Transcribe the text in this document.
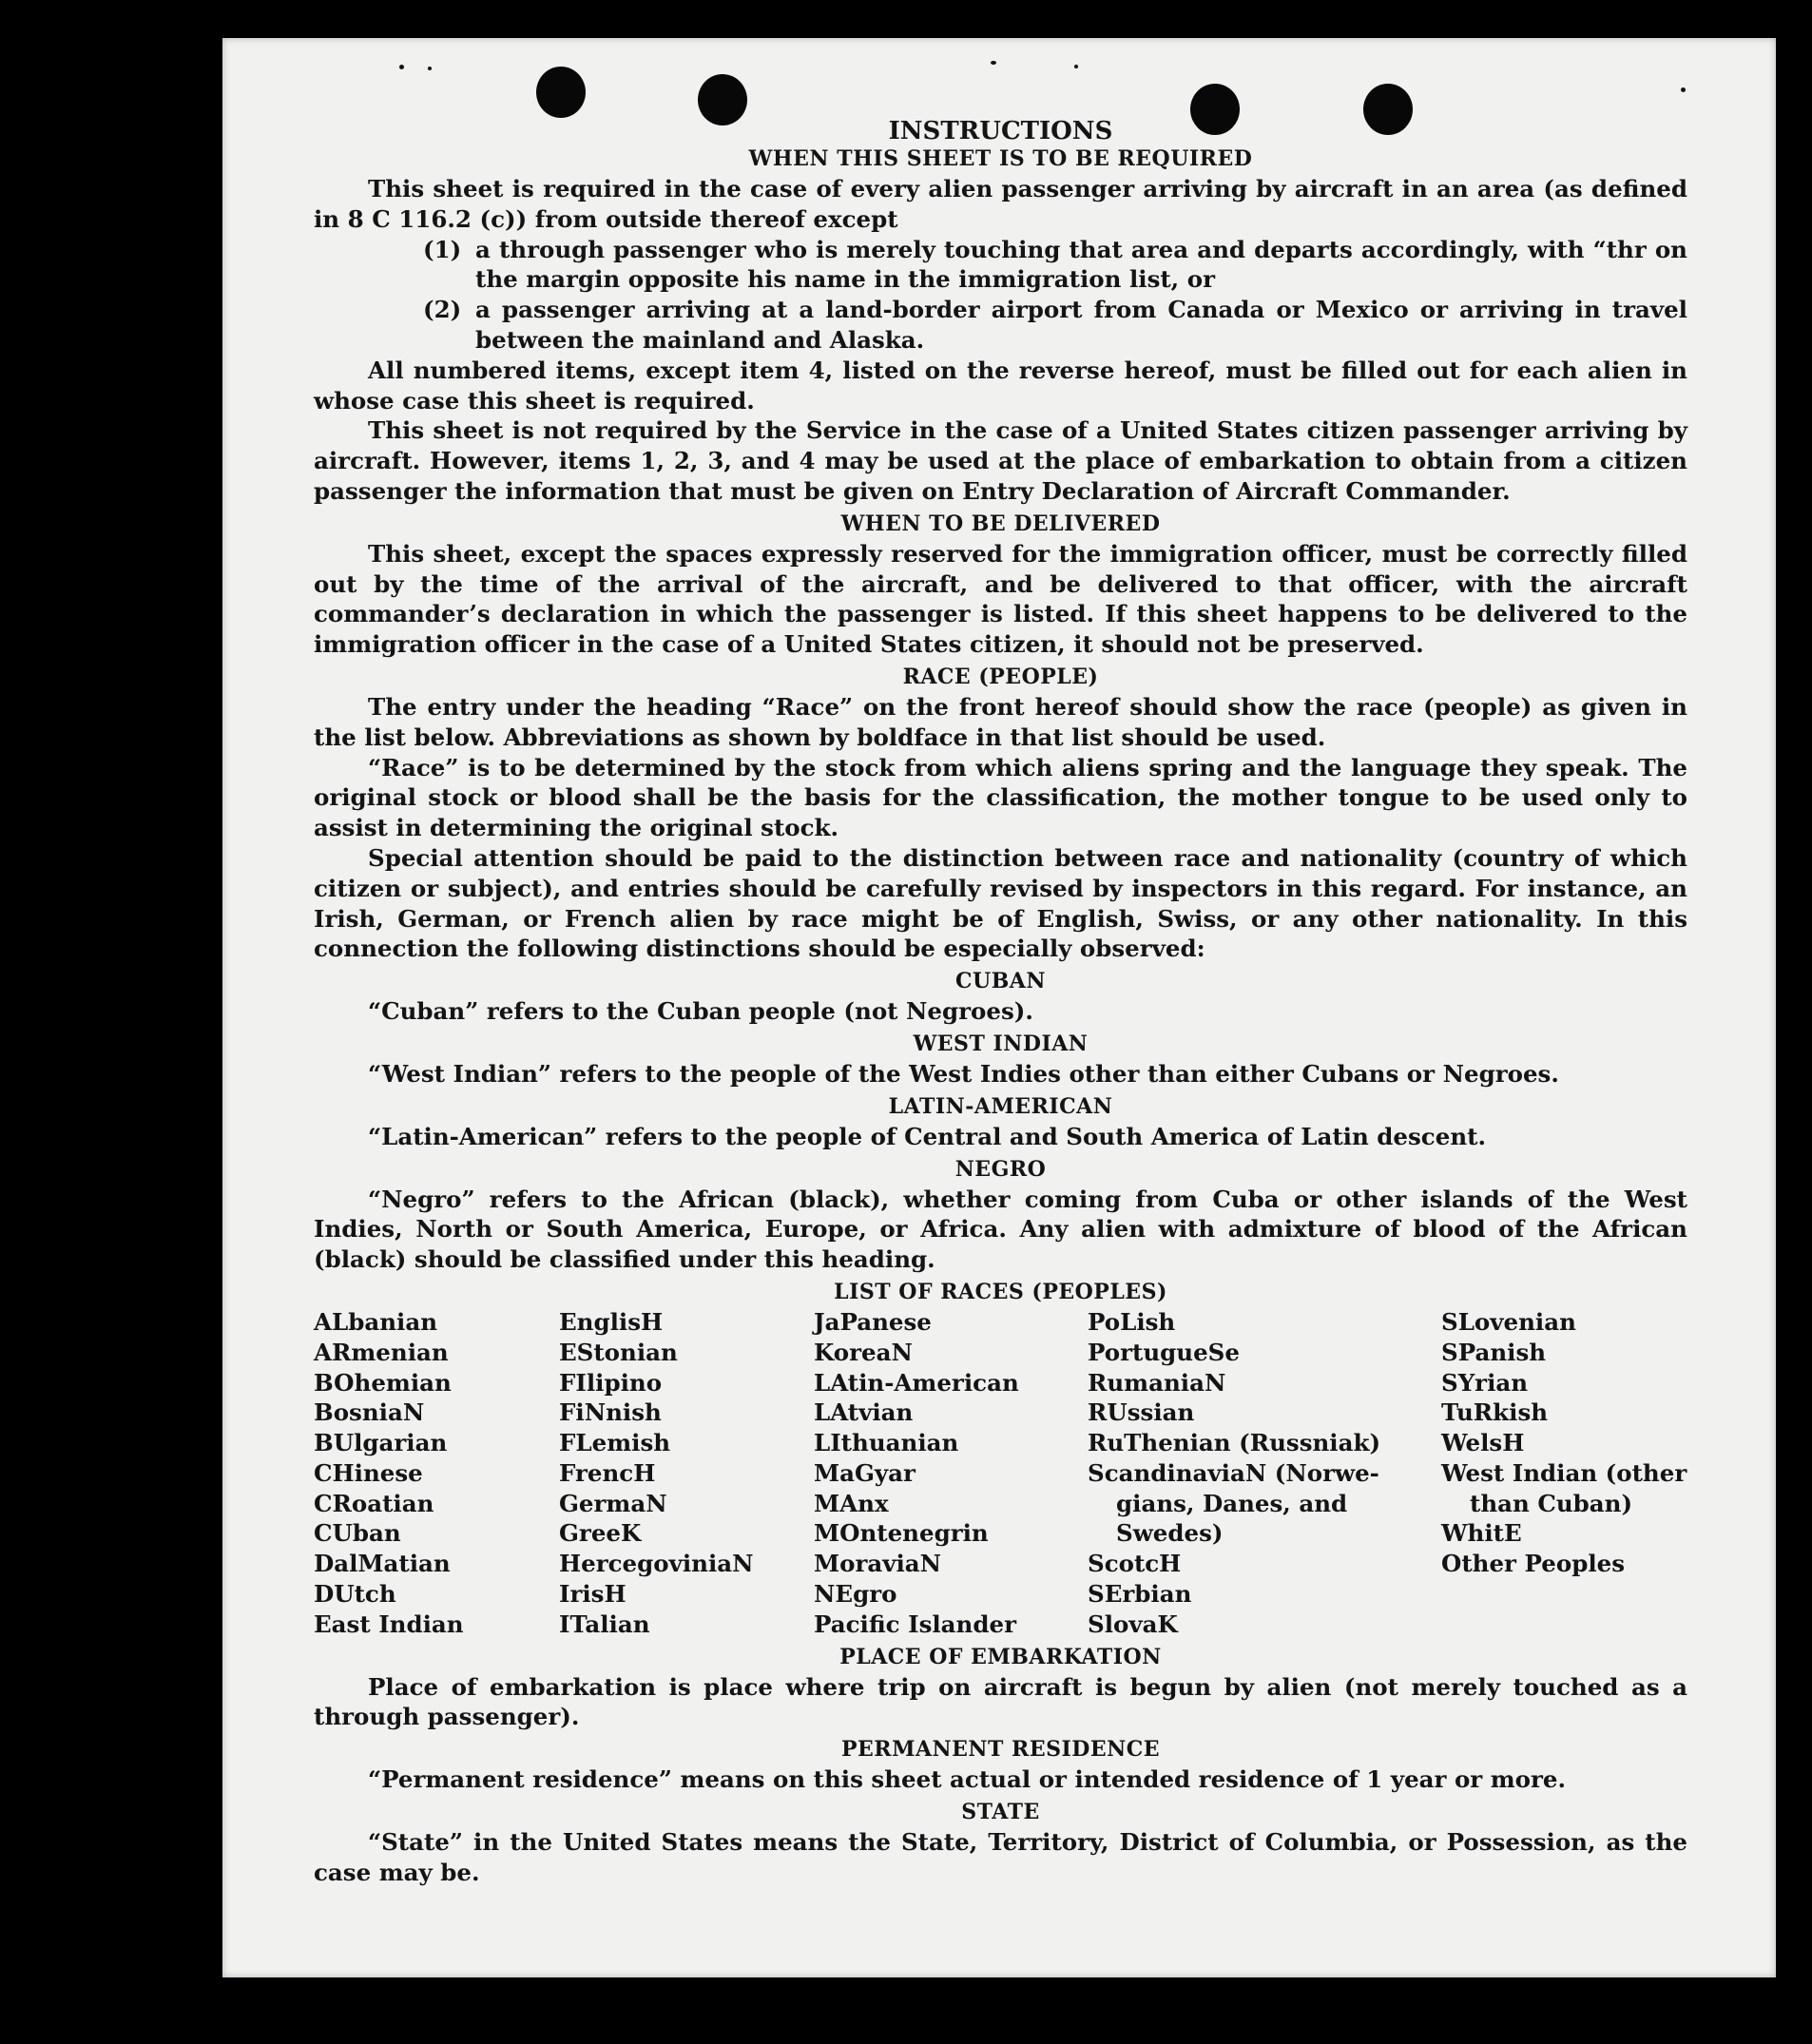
INSTRUCTIONS
WHEN THIS SHEET IS TO BE REQUIRED

This sheet is required in the case of every alien passenger arriving by aircraft in an area (as defined in 8 C 116.2 (c)) from outside thereof except

(1) a through passenger who is merely touching that area and departs accordingly, with “thr on the margin opposite his name in the immigration list, or
(2) a passenger arriving at a land-border airport from Canada or Mexico or arriving in travel between the mainland and Alaska.

All numbered items, except item 4, listed on the reverse hereof, must be filled out for each alien in whose case this sheet is required.

This sheet is not required by the Service in the case of a United States citizen passenger arriving by aircraft. However, items 1, 2, 3, and 4 may be used at the place of embarkation to obtain from a citizen passenger the information that must be given on Entry Declaration of Aircraft Commander.

WHEN TO BE DELIVERED

This sheet, except the spaces expressly reserved for the immigration officer, must be correctly filled out by the time of the arrival of the aircraft, and be delivered to that officer, with the aircraft commander’s declaration in which the passenger is listed. If this sheet happens to be delivered to the immigration officer in the case of a United States citizen, it should not be preserved.

RACE (PEOPLE)

The entry under the heading “Race” on the front hereof should show the race (people) as given in the list below. Abbreviations as shown by boldface in that list should be used.

“Race” is to be determined by the stock from which aliens spring and the language they speak. The original stock or blood shall be the basis for the classification, the mother tongue to be used only to assist in determining the original stock.

Special attention should be paid to the distinction between race and nationality (country of which citizen or subject), and entries should be carefully revised by inspectors in this regard. For instance, an Irish, German, or French alien by race might be of English, Swiss, or any other nationality. In this connection the following distinctions should be especially observed:

CUBAN

“Cuban” refers to the Cuban people (not Negroes).

WEST INDIAN

“West Indian” refers to the people of the West Indies other than either Cubans or Negroes.

LATIN-AMERICAN

“Latin-American” refers to the people of Central and South America of Latin descent.

NEGRO

“Negro” refers to the African (black), whether coming from Cuba or other islands of the West Indies, North or South America, Europe, or Africa. Any alien with admixture of blood of the African (black) should be classified under this heading.

LIST OF RACES (PEOPLES)
ALbanian
ARmenian
BOhemian
BosniaN
BUlgarian
CHinese
CRoatian
CUban
DalMatian
DUtch
East Indian
EnglisH
EStonian
FIlipino
FiNnish
FLemish
FrencH
GermaN
GreeK
HercegoviniaN
IrisH
ITalian
JaPanese
KoreaN
LAtin-American
LAtvian
LIthuanian
MaGyar
MAnx
MOntenegrin
MoraviaN
NEgro
Pacific Islander
PoLish
PortugueSe
RumaniaN
RUssian
RuThenian (Russniak)
ScandinaviaN (Norwe-
gians, Danes, and
Swedes)
ScotcH
SErbian
SlovaK
SLovenian
SPanish
SYrian
TuRkish
WelsH
West Indian (other
than Cuban)
WhitE
Other Peoples
PLACE OF EMBARKATION

Place of embarkation is place where trip on aircraft is begun by alien (not merely touched as a through passenger).

PERMANENT RESIDENCE

“Permanent residence” means on this sheet actual or intended residence of 1 year or more.

STATE

“State” in the United States means the State, Territory, District of Columbia, or Possession, as the case may be.
